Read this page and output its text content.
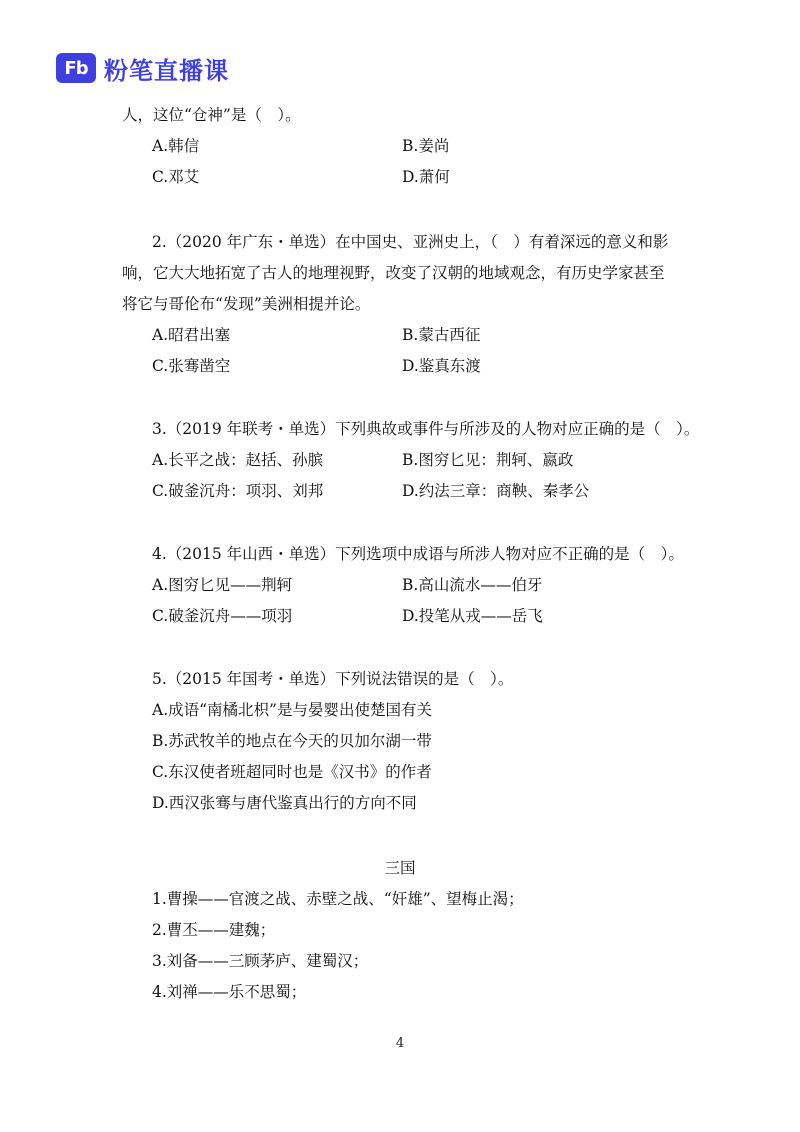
Fb 粉笔直播课
人，这位“仓神”是（　）。
A.韩信	B.姜尚
C.邓艾	D.萧何
2.（2020 年广东・单选）在中国史、亚洲史上，（　）有着深远的意义和影
响，它大大地拓宽了古人的地理视野，改变了汉朝的地域观念，有历史学家甚至
将它与哥伦布“发现”美洲相提并论。
A.昭君出塞	B.蒙古西征
C.张骞凿空	D.鉴真东渡
3.（2019 年联考・单选）下列典故或事件与所涉及的人物对应正确的是（　）。
A.长平之战：赵括、孙膑	B.图穷匕见：荆轲、嬴政
C.破釜沉舟：项羽、刘邦	D.约法三章：商鞅、秦孝公
4.（2015 年山西・单选）下列选项中成语与所涉人物对应不正确的是（　）。
A.图穷匕见——荆轲	B.高山流水——伯牙
C.破釜沉舟——项羽	D.投笔从戎——岳飞
5.（2015 年国考・单选）下列说法错误的是（　）。
A.成语“南橘北枳”是与晏婴出使楚国有关
B.苏武牧羊的地点在今天的贝加尔湖一带
C.东汉使者班超同时也是《汉书》的作者
D.西汉张骞与唐代鉴真出行的方向不同
三国
1.曹操——官渡之战、赤壁之战、“奸雄”、望梅止渴；
2.曹丕——建魏；
3.刘备——三顾茅庐、建蜀汉；
4.刘禅——乐不思蜀；
4
